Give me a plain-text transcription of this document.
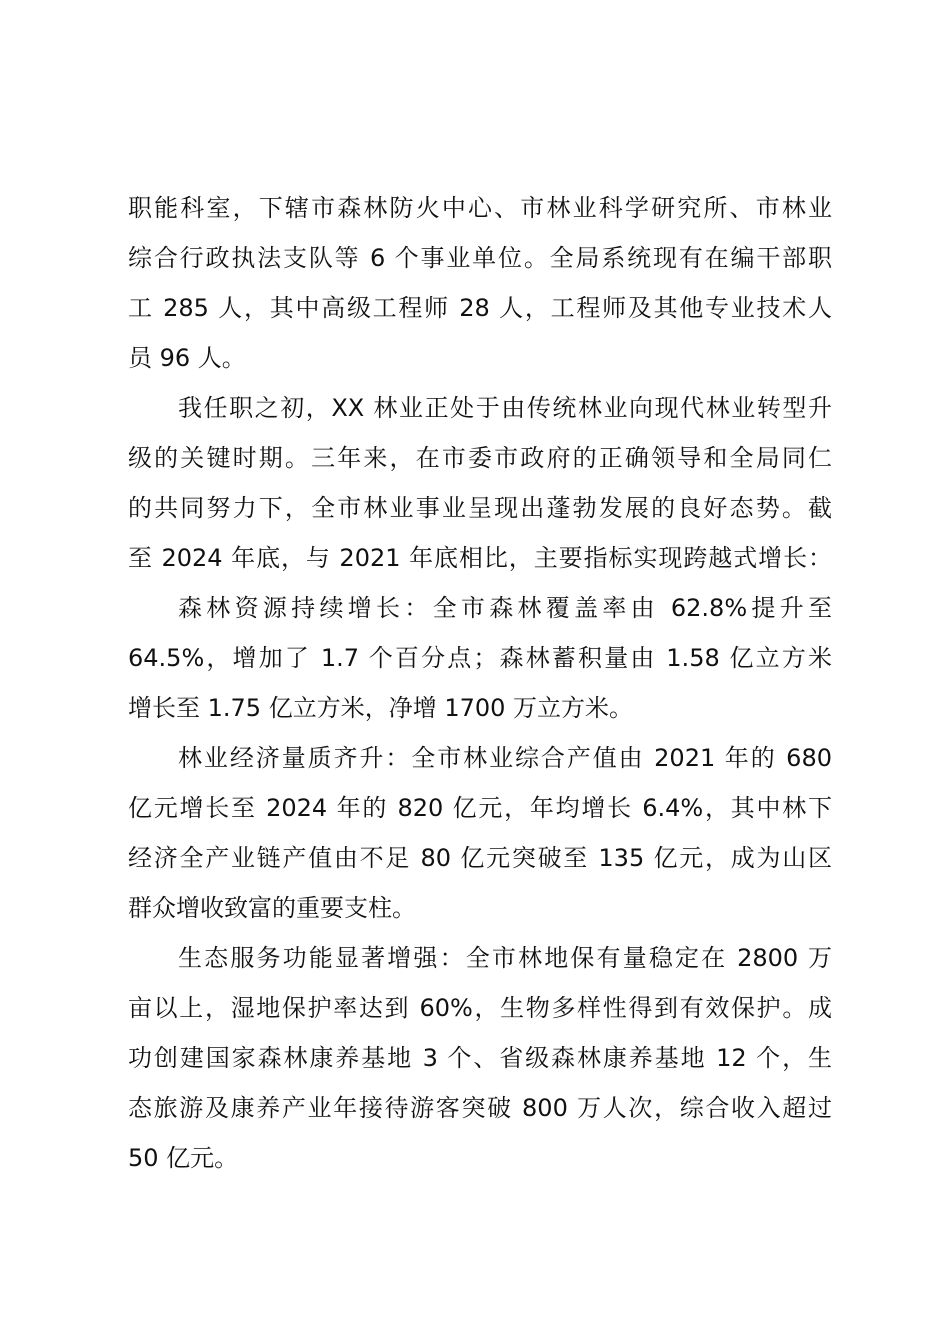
职能科室，下辖市森林防火中心、市林业科学研究所、市林业
综合行政执法支队等 6 个事业单位。全局系统现有在编干部职
工 285 人，其中高级工程师 28 人，工程师及其他专业技术人
员 96 人。
我任职之初，XX 林业正处于由传统林业向现代林业转型升
级的关键时期。三年来，在市委市政府的正确领导和全局同仁
的共同努力下，全市林业事业呈现出蓬勃发展的良好态势。截
至 2024 年底，与 2021 年底相比，主要指标实现跨越式增长：
森林资源持续增长：全市森林覆盖率由 62.8%提升至
64.5%，增加了 1.7 个百分点；森林蓄积量由 1.58 亿立方米
增长至 1.75 亿立方米，净增 1700 万立方米。
林业经济量质齐升：全市林业综合产值由 2021 年的 680
亿元增长至 2024 年的 820 亿元，年均增长 6.4%，其中林下
经济全产业链产值由不足 80 亿元突破至 135 亿元，成为山区
群众增收致富的重要支柱。
生态服务功能显著增强：全市林地保有量稳定在 2800 万
亩以上，湿地保护率达到 60%，生物多样性得到有效保护。成
功创建国家森林康养基地 3 个、省级森林康养基地 12 个，生
态旅游及康养产业年接待游客突破 800 万人次，综合收入超过
50 亿元。
